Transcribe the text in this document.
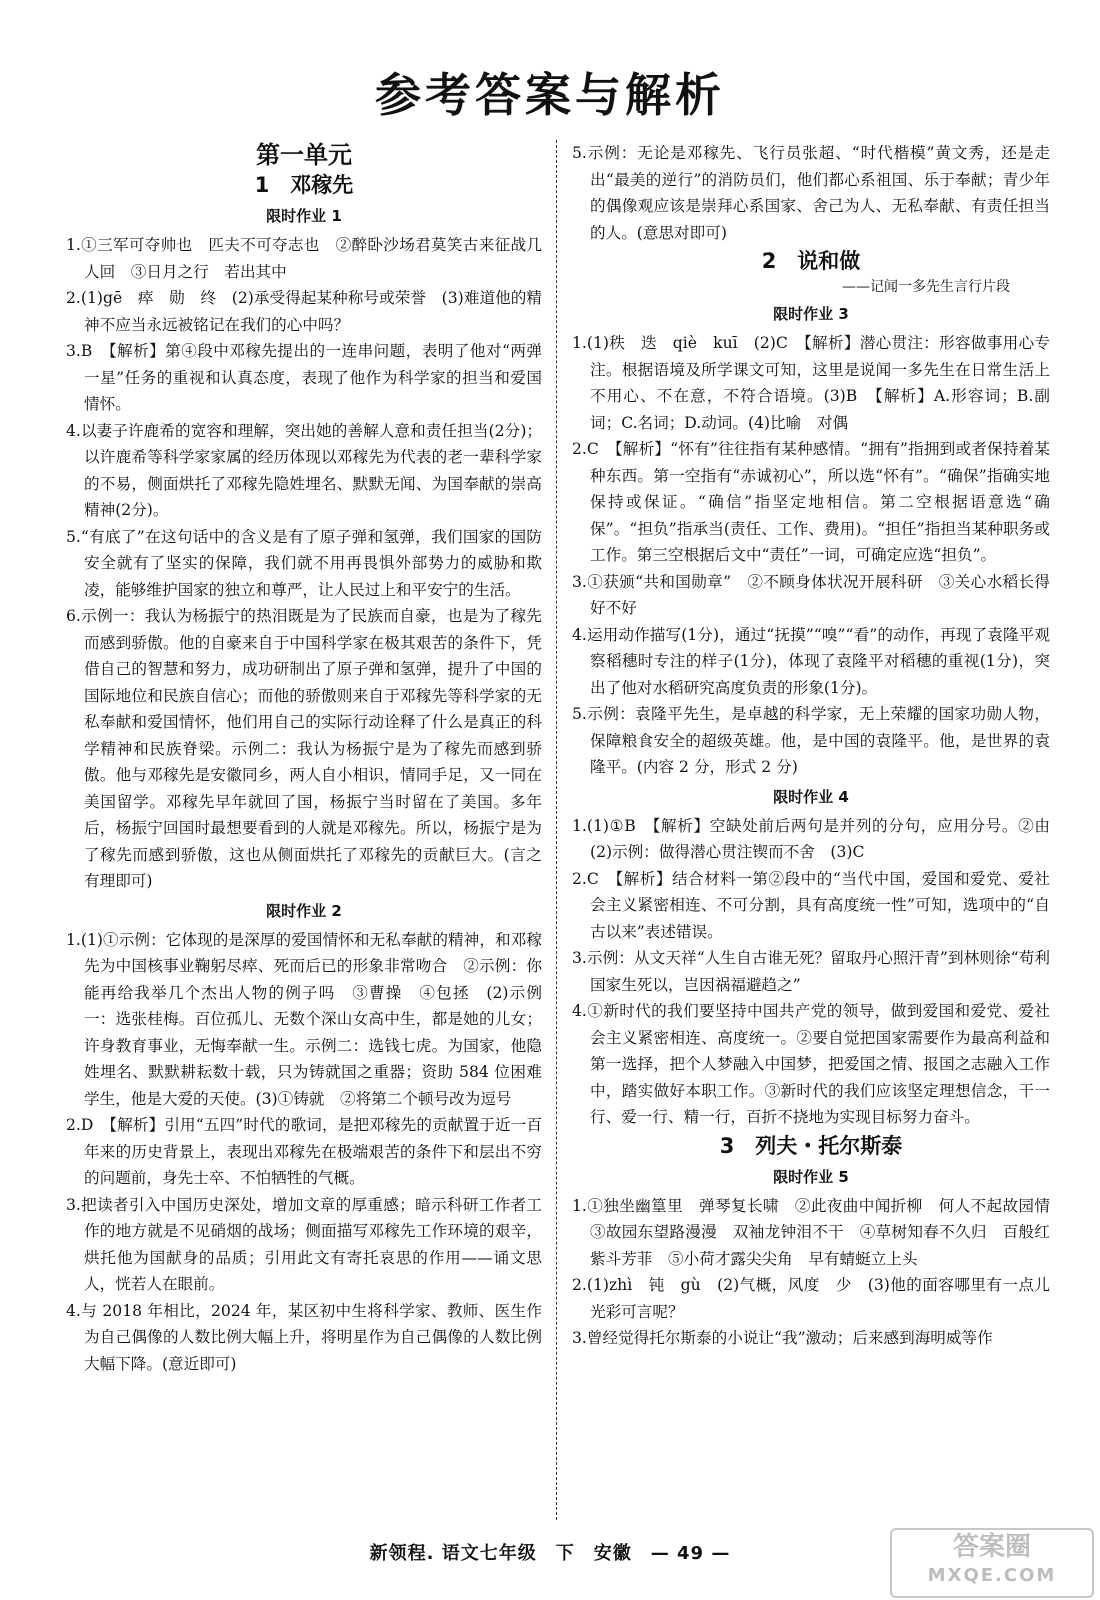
参考答案与解析

第一单元

1　邓稼先

限时作业 1

1.①三军可夺帅也　匹夫不可夺志也　②醉卧沙场君莫笑古来征战几人回　③日月之行　若出其中

2.(1)gē　瘁　勋　终　(2)承受得起某种称号或荣誉　(3)难道他的精神不应当永远被铭记在我们的心中吗？

3.B　【解析】第④段中邓稼先提出的一连串问题，表明了他对“两弹一星”任务的重视和认真态度，表现了他作为科学家的担当和爱国情怀。

4.以妻子许鹿希的宽容和理解，突出她的善解人意和责任担当(2分)；以许鹿希等科学家家属的经历体现以邓稼先为代表的老一辈科学家的不易，侧面烘托了邓稼先隐姓埋名、默默无闻、为国奉献的崇高精神(2分)。

5.“有底了”在这句话中的含义是有了原子弹和氢弹，我们国家的国防安全就有了坚实的保障，我们就不用再畏惧外部势力的威胁和欺凌，能够维护国家的独立和尊严，让人民过上和平安宁的生活。

6.示例一：我认为杨振宁的热泪既是为了民族而自豪，也是为了稼先而感到骄傲。他的自豪来自于中国科学家在极其艰苦的条件下，凭借自己的智慧和努力，成功研制出了原子弹和氢弹，提升了中国的国际地位和民族自信心；而他的骄傲则来自于邓稼先等科学家的无私奉献和爱国情怀，他们用自己的实际行动诠释了什么是真正的科学精神和民族脊梁。示例二：我认为杨振宁是为了稼先而感到骄傲。他与邓稼先是安徽同乡，两人自小相识，情同手足，又一同在美国留学。邓稼先早年就回了国，杨振宁当时留在了美国。多年后，杨振宁回国时最想要看到的人就是邓稼先。所以，杨振宁是为了稼先而感到骄傲，这也从侧面烘托了邓稼先的贡献巨大。(言之有理即可)

限时作业 2

1.(1)①示例：它体现的是深厚的爱国情怀和无私奉献的精神，和邓稼先为中国核事业鞠躬尽瘁、死而后已的形象非常吻合　②示例：你能再给我举几个杰出人物的例子吗　③曹操　④包拯　(2)示例一：选张桂梅。百位孤儿、无数个深山女高中生，都是她的儿女；许身教育事业，无悔奉献一生。示例二：选钱七虎。为国家，他隐姓埋名、默默耕耘数十载，只为铸就国之重器；资助 584 位困难学生，他是大爱的天使。(3)①铸就　②将第二个顿号改为逗号

2.D　【解析】引用“五四”时代的歌词，是把邓稼先的贡献置于近一百年来的历史背景上，表现出邓稼先在极端艰苦的条件下和层出不穷的问题前，身先士卒、不怕牺牲的气概。

3.把读者引入中国历史深处，增加文章的厚重感；暗示科研工作者工作的地方就是不见硝烟的战场；侧面描写邓稼先工作环境的艰辛，烘托他为国献身的品质；引用此文有寄托哀思的作用——诵文思人，恍若人在眼前。

4.与 2018 年相比，2024 年，某区初中生将科学家、教师、医生作为自己偶像的人数比例大幅上升，将明星作为自己偶像的人数比例大幅下降。(意近即可)

5.示例：无论是邓稼先、飞行员张超、“时代楷模”黄文秀，还是走出“最美的逆行”的消防员们，他们都心系祖国、乐于奉献；青少年的偶像观应该是崇拜心系国家、舍己为人、无私奉献、有责任担当的人。(意思对即可)

2　说和做

——记闻一多先生言行片段

限时作业 3

1.(1)秩　迭　qiè　kuī　(2)C　【解析】潜心贯注：形容做事用心专注。根据语境及所学课文可知，这里是说闻一多先生在日常生活上不用心、不在意，不符合语境。(3)B　【解析】A.形容词；B.副词；C.名词；D.动词。(4)比喻　对偶

2.C　【解析】“怀有”往往指有某种感情。“拥有”指拥到或者保持着某种东西。第一空指有“赤诚初心”，所以选“怀有”。“确保”指确实地保持或保证。“确信”指坚定地相信。第二空根据语意选“确保”。“担负”指承当(责任、工作、费用)。“担任”指担当某种职务或工作。第三空根据后文中“责任”一词，可确定应选“担负”。

3.①获颁“共和国勋章”　②不顾身体状况开展科研　③关心水稻长得好不好

4.运用动作描写(1分)，通过“抚摸”“嗅”“看”的动作，再现了袁隆平观察稻穗时专注的样子(1分)，体现了袁隆平对稻穗的重视(1分)，突出了他对水稻研究高度负责的形象(1分)。

5.示例：袁隆平先生，是卓越的科学家，无上荣耀的国家功勋人物，保障粮食安全的超级英雄。他，是中国的袁隆平。他，是世界的袁隆平。(内容 2 分，形式 2 分)

限时作业 4

1.(1)①B　【解析】空缺处前后两句是并列的分句，应用分号。②由　(2)示例：做得潜心贯注锲而不舍　(3)C

2.C　【解析】结合材料一第②段中的“当代中国，爱国和爱党、爱社会主义紧密相连、不可分割，具有高度统一性”可知，选项中的“自古以来”表述错误。

3.示例：从文天祥“人生自古谁无死？留取丹心照汗青”到林则徐“苟利国家生死以，岂因祸福避趋之”

4.①新时代的我们要坚持中国共产党的领导，做到爱国和爱党、爱社会主义紧密相连、高度统一。②要自觉把国家需要作为最高利益和第一选择，把个人梦融入中国梦，把爱国之情、报国之志融入工作中，踏实做好本职工作。③新时代的我们应该坚定理想信念，干一行、爱一行、精一行，百折不挠地为实现目标努力奋斗。

3　列夫・托尔斯泰

限时作业 5

1.①独坐幽篁里　弹琴复长啸　②此夜曲中闻折柳　何人不起故园情　③故园东望路漫漫　双袖龙钟泪不干　④草树知春不久归　百般红紫斗芳菲　⑤小荷才露尖尖角　早有蜻蜓立上头

2.(1)zhì　钝　gù　(2)气概，风度　少　(3)他的面容哪里有一点儿光彩可言呢？

3.曾经觉得托尔斯泰的小说让“我”激动；后来感到海明威等作

新领程. 语文七年级　下　安徽　— 49 —	答案圈
MXQE.COM
